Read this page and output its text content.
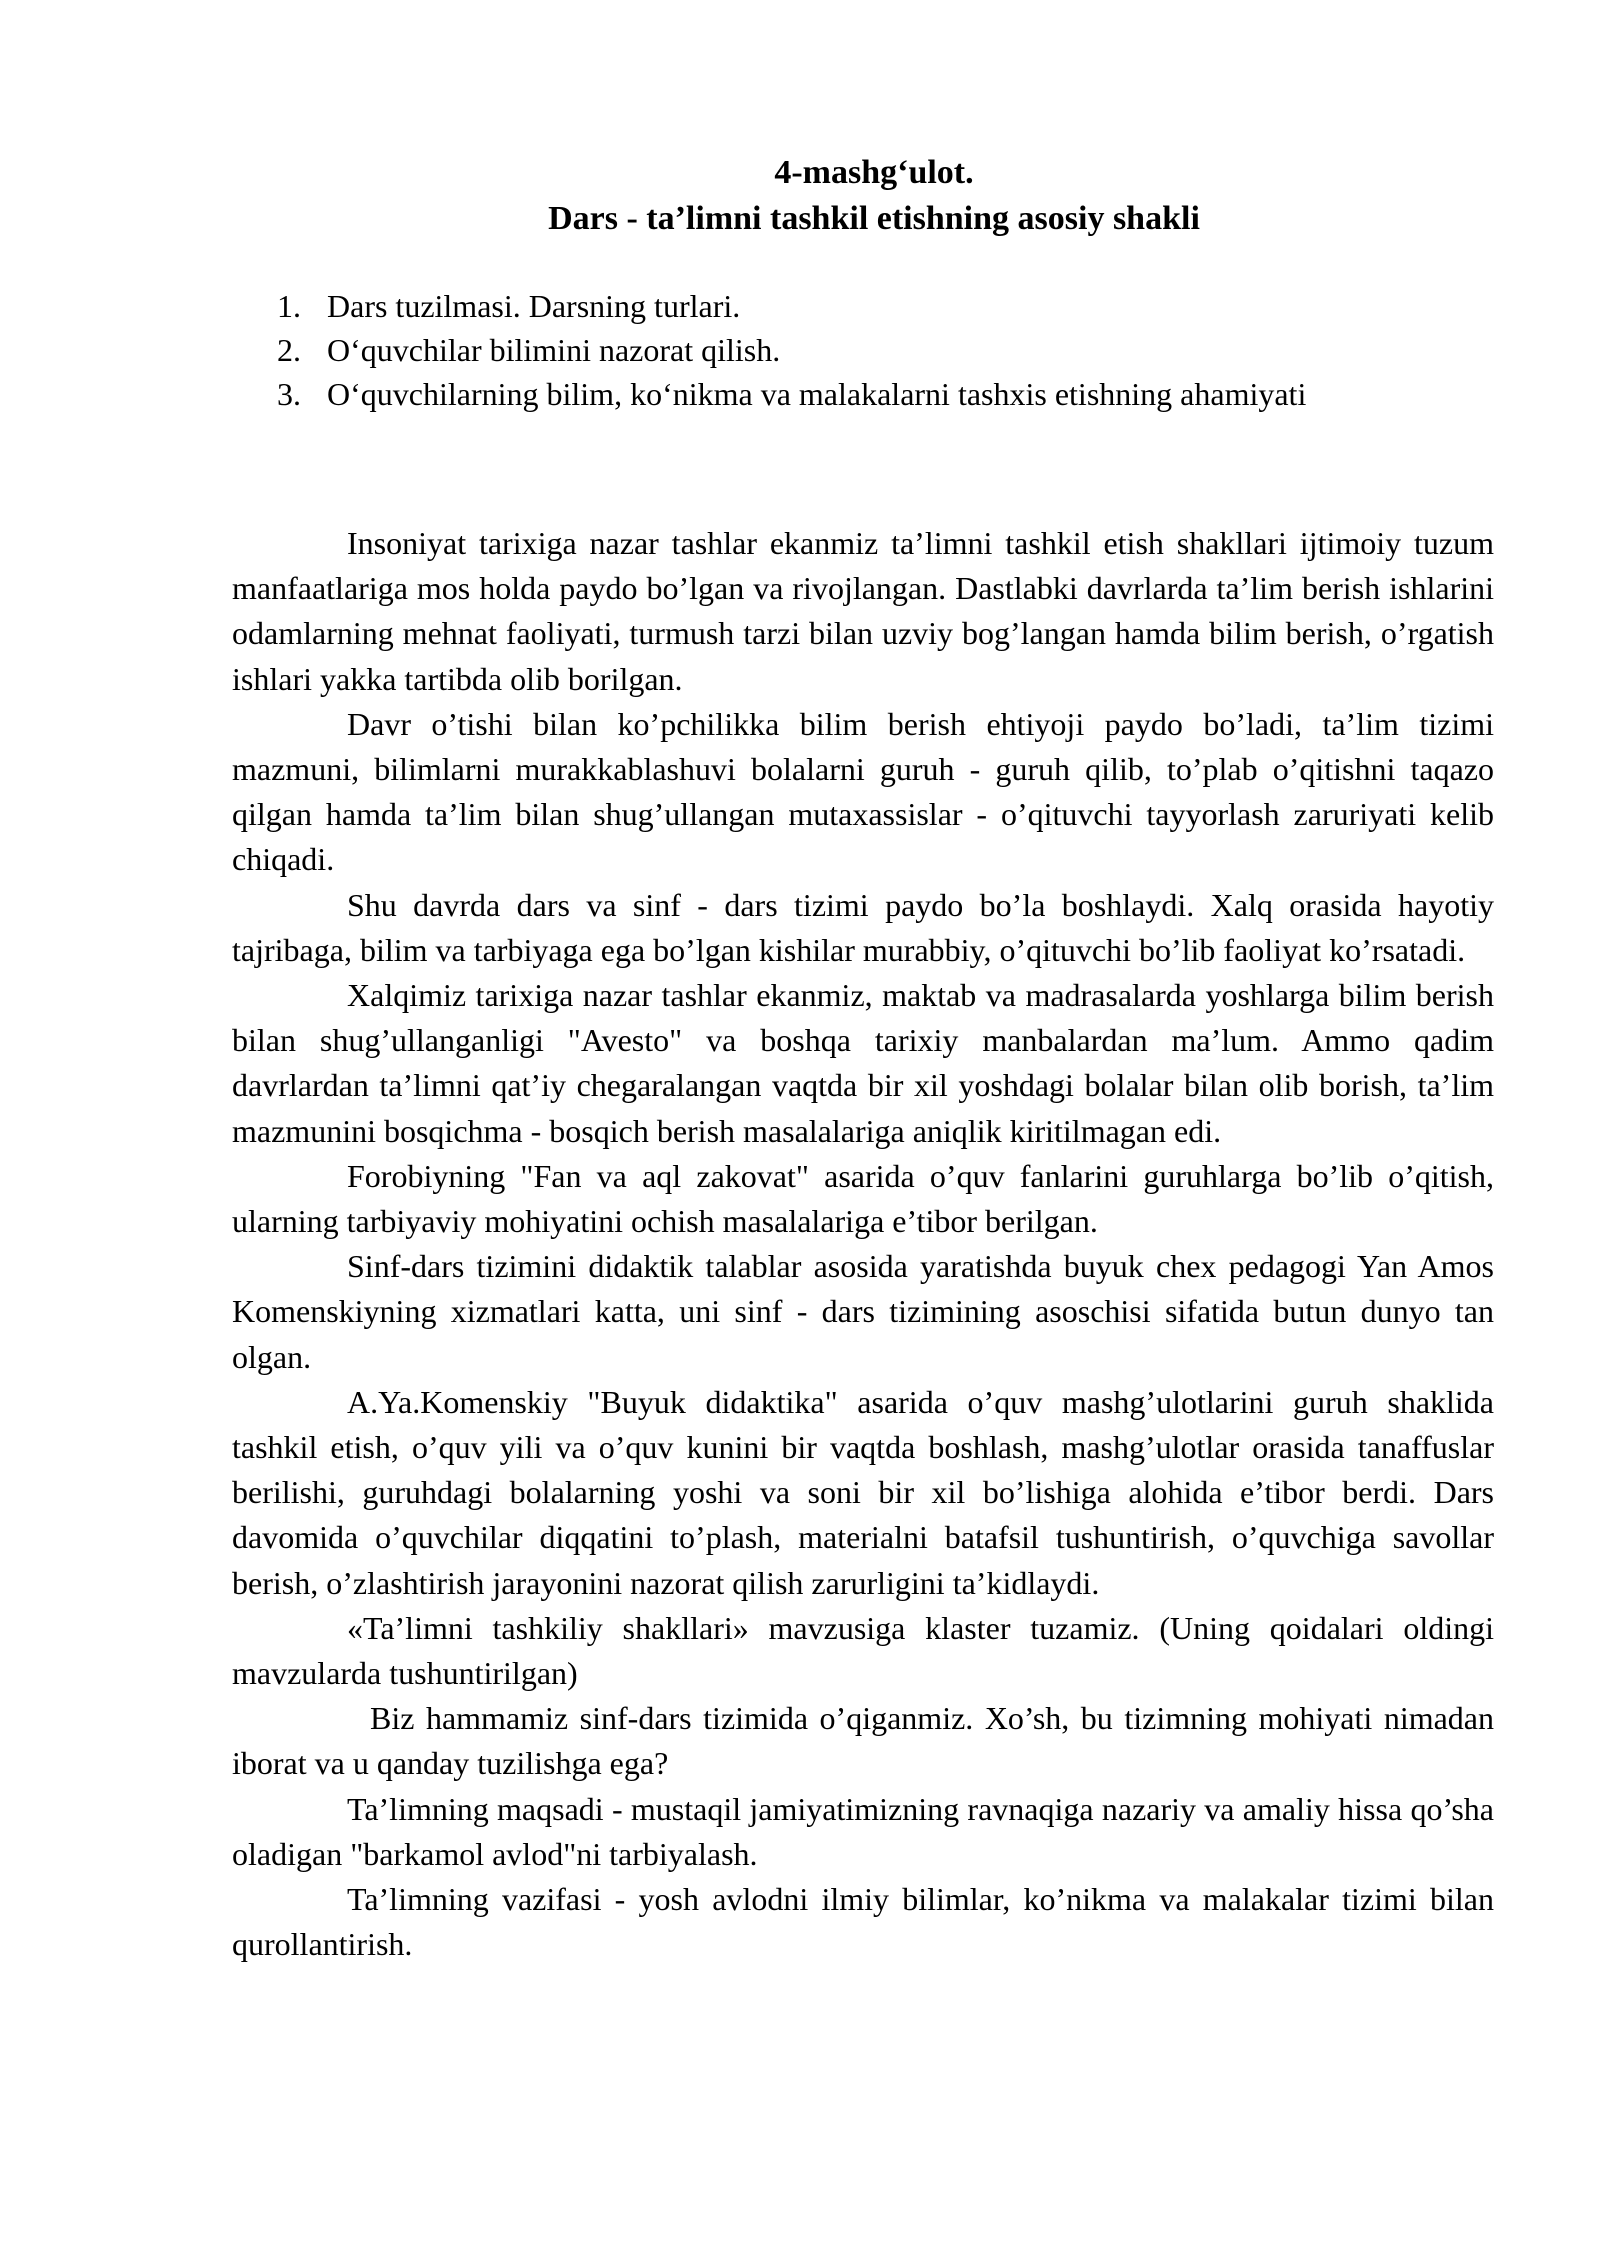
4-mashg‘ulot.
Dars - ta’limni tashkil etishning asosiy shakli
1. Dars tuzilmasi. Darsning turlari.
2. O‘quvchilar bilimini nazorat qilish.
3. O‘quvchilarning bilim, ko‘nikma va malakalarni tashxis etishning ahamiyati

Insoniyat tarixiga nazar tashlar ekanmiz ta’limni tashkil etish shakllari ijtimoiy tuzum manfaatlariga mos holda paydo bo’lgan va rivojlangan. Dastlabki davrlarda ta’lim berish ishlarini odamlarning mehnat faoliyati, turmush tarzi bilan uzviy bog’langan hamda bilim berish, o’rgatish ishlari yakka tartibda olib borilgan.

Davr o’tishi bilan ko’pchilikka bilim berish ehtiyoji paydo bo’ladi, ta’lim tizimi mazmuni, bilimlarni murakkablashuvi bolalarni guruh - guruh qilib, to’plab o’qitishni taqazo qilgan hamda ta’lim bilan shug’ullangan mutaxassislar - o’qituvchi tayyorlash zaruriyati kelib chiqadi.

Shu davrda dars va sinf - dars tizimi paydo bo’la boshlaydi. Xalq orasida hayotiy tajribaga, bilim va tarbiyaga ega bo’lgan kishilar murabbiy, o’qituvchi bo’lib faoliyat ko’rsatadi.

Xalqimiz tarixiga nazar tashlar ekanmiz, maktab va madrasalarda yoshlarga bilim berish bilan shug’ullanganligi "Avesto" va boshqa tarixiy manbalardan ma’lum. Ammo qadim davrlardan ta’limni qat’iy chegaralangan vaqtda bir xil yoshdagi bolalar bilan olib borish, ta’lim mazmunini bosqichma - bosqich berish masalalariga aniqlik kiritilmagan edi.

Forobiyning "Fan va aql zakovat" asarida o’quv fanlarini guruhlarga bo’lib o’qitish, ularning tarbiyaviy mohiyatini ochish masalalariga e’tibor berilgan.

Sinf-dars tizimini didaktik talablar asosida yaratishda buyuk chex pedagogi Yan Amos Komenskiyning xizmatlari katta, uni sinf - dars tizimining asoschisi sifatida butun dunyo tan olgan.

A.Ya.Komenskiy "Buyuk didaktika" asarida o’quv mashg’ulotlarini guruh shaklida tashkil etish, o’quv yili va o’quv kunini bir vaqtda boshlash, mashg’ulotlar orasida tanaffuslar berilishi, guruhdagi bolalarning yoshi va soni bir xil bo’lishiga alohida e’tibor berdi. Dars davomida o’quvchilar diqqatini to’plash, materialni batafsil tushuntirish, o’quvchiga savollar berish, o’zlashtirish jarayonini nazorat qilish zarurligini ta’kidlaydi.

«Ta’limni tashkiliy shakllari» mavzusiga klaster tuzamiz. (Uning qoidalari oldingi mavzularda tushuntirilgan)

Biz hammamiz sinf-dars tizimida o’qiganmiz. Xo’sh, bu tizimning mohiyati nimadan iborat va u qanday tuzilishga ega?

Ta’limning maqsadi - mustaqil jamiyatimizning ravnaqiga nazariy va amaliy hissa qo’sha oladigan "barkamol avlod"ni tarbiyalash.

Ta’limning vazifasi - yosh avlodni ilmiy bilimlar, ko’nikma va malakalar tizimi bilan qurollantirish.
